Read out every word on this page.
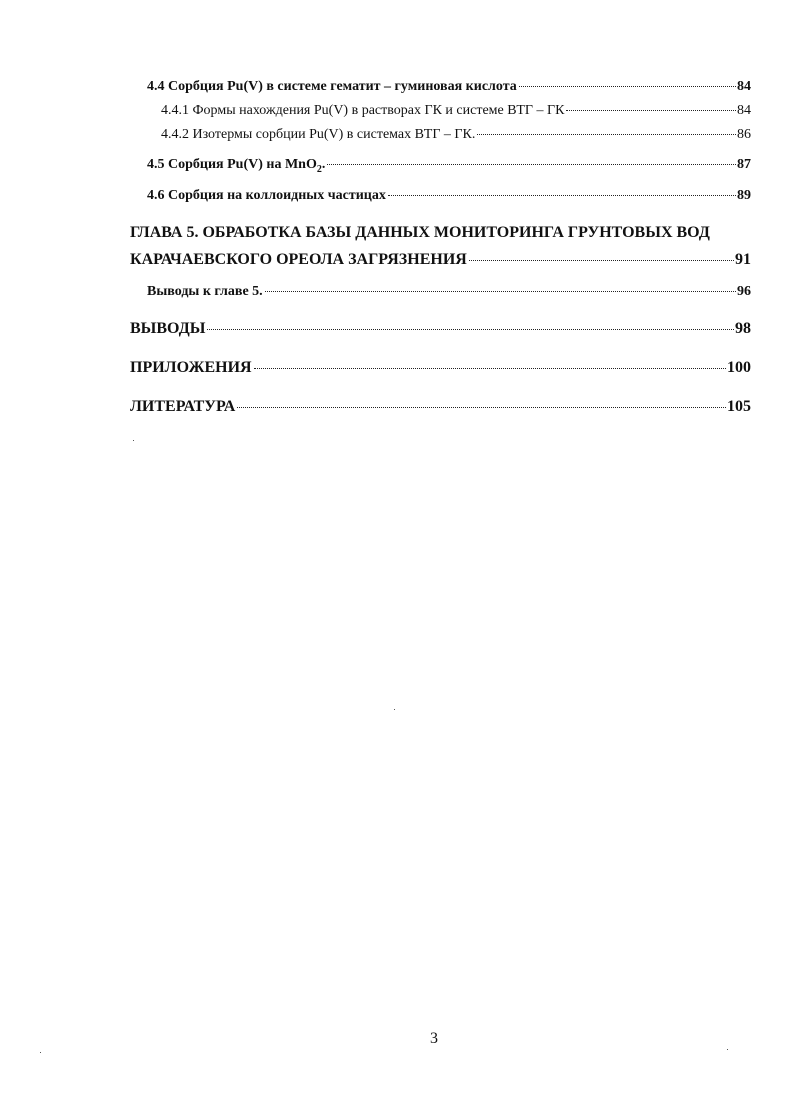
4.4 Сорбция Pu(V) в системе гематит – гуминовая кислота	84
4.4.1 Формы нахождения Pu(V) в растворах ГК и системе ВТГ – ГК	84
4.4.2 Изотермы сорбции Pu(V) в системах ВТГ – ГК.	86
4.5 Сорбция Pu(V) на MnO$_2$.	87
4.6 Сорбция на коллоидных частицах	89
ГЛАВА 5. ОБРАБОТКА БАЗЫ ДАННЫХ МОНИТОРИНГА ГРУНТОВЫХ ВОД
КАРАЧАЕВСКОГО ОРЕОЛА ЗАГРЯЗНЕНИЯ	91
Выводы к главе 5.	96
ВЫВОДЫ	98
ПРИЛОЖЕНИЯ	100
ЛИТЕРАТУРА	105
3
